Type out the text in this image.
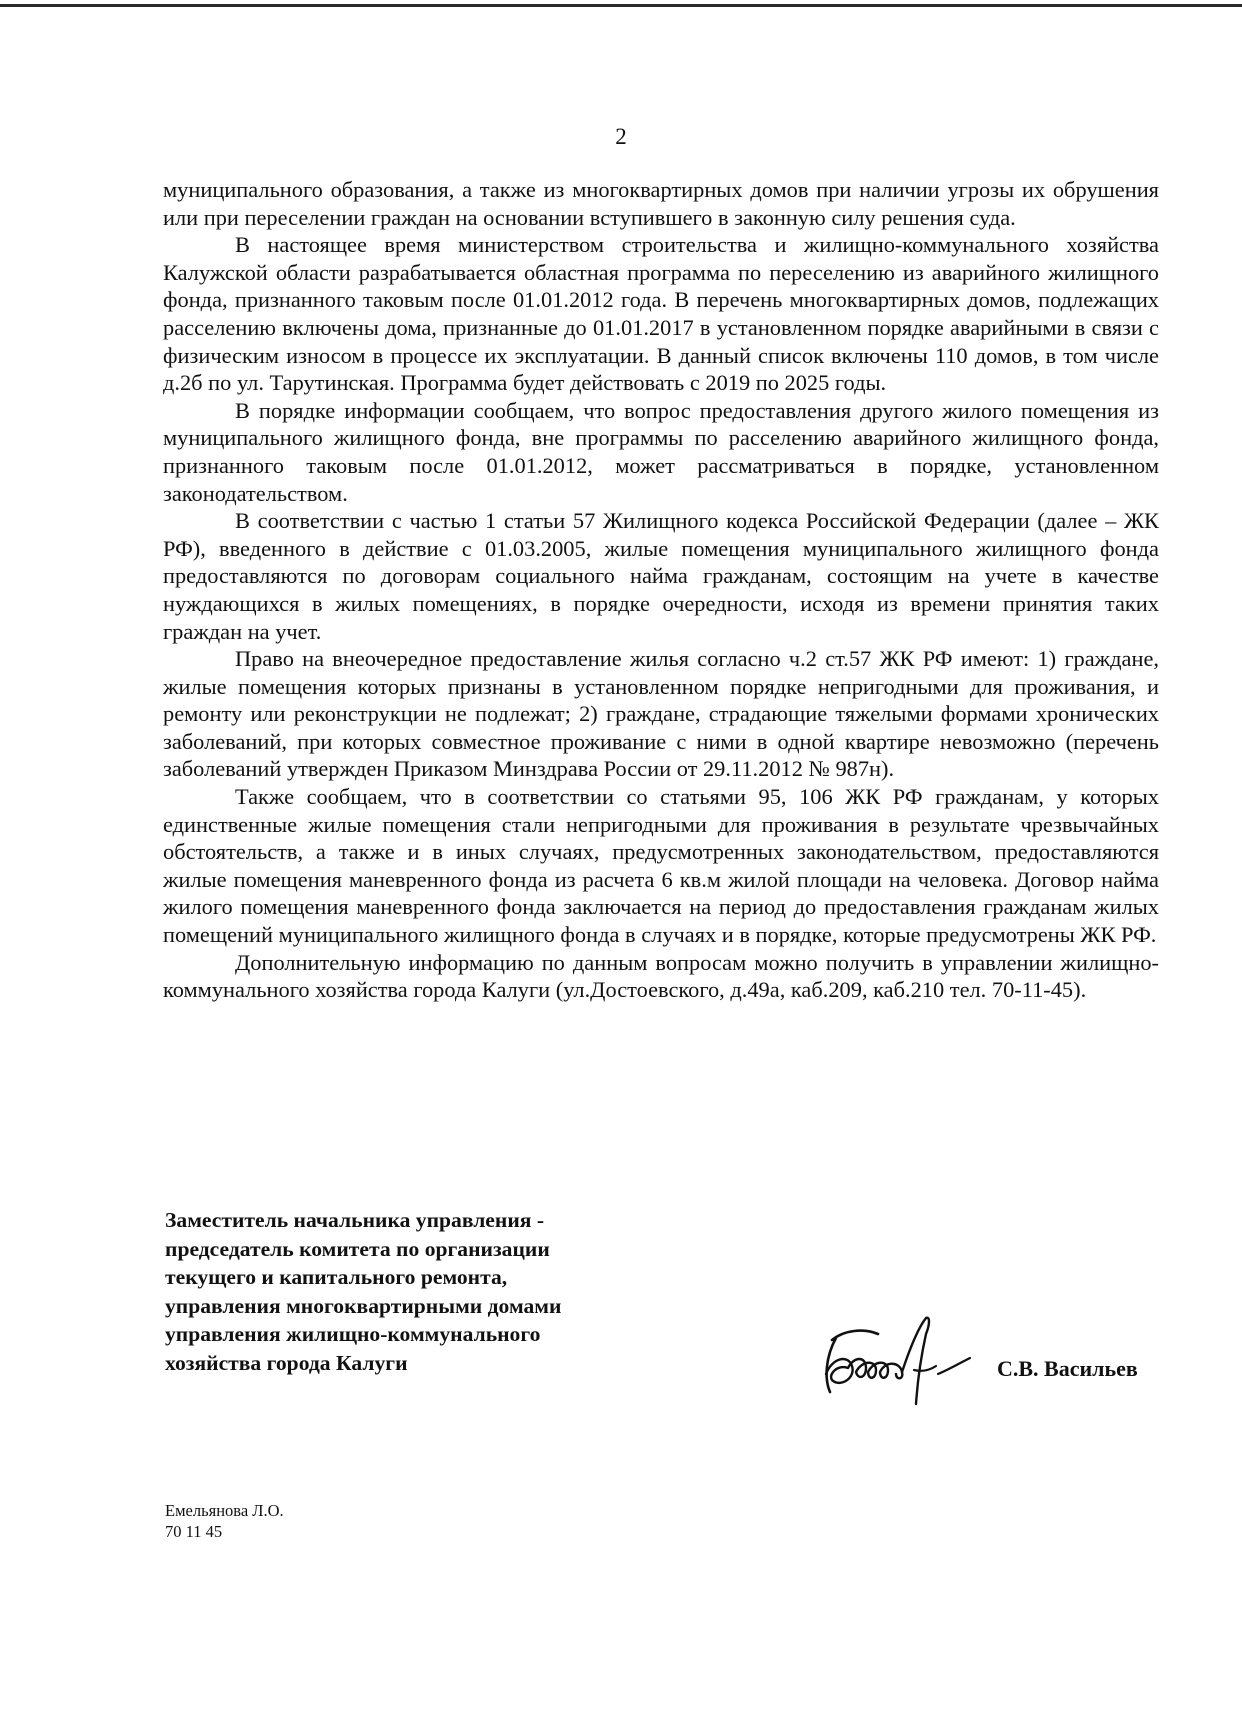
2

муниципального образования, а также из многоквартирных домов при наличии угрозы их обрушения или при переселении граждан на основании вступившего в законную силу решения суда.

В настоящее время министерством строительства и жилищно-коммунального хозяйства Калужской области разрабатывается областная программа по переселению из аварийного жилищного фонда, признанного таковым после 01.01.2012 года. В перечень многоквартирных домов, подлежащих расселению включены дома, признанные до 01.01.2017 в установленном порядке аварийными в связи с физическим износом в процессе их эксплуатации. В данный список включены 110 домов, в том числе д.2б по ул. Тарутинская. Программа будет действовать с 2019 по 2025 годы.

В порядке информации сообщаем, что вопрос предоставления другого жилого помещения из муниципального жилищного фонда, вне программы по расселению аварийного жилищного фонда, признанного таковым после 01.01.2012, может рассматриваться в порядке, установленном законодательством.

В соответствии с частью 1 статьи 57 Жилищного кодекса Российской Федерации (далее – ЖК РФ), введенного в действие с 01.03.2005, жилые помещения муниципального жилищного фонда предоставляются по договорам социального найма гражданам, состоящим на учете в качестве нуждающихся в жилых помещениях, в порядке очередности, исходя из времени принятия таких граждан на учет.

Право на внеочередное предоставление жилья согласно ч.2 ст.57 ЖК РФ имеют: 1) граждане, жилые помещения которых признаны в установленном порядке непригодными для проживания, и ремонту или реконструкции не подлежат; 2) граждане, страдающие тяжелыми формами хронических заболеваний, при которых совместное проживание с ними в одной квартире невозможно (перечень заболеваний утвержден Приказом Минздрава России от 29.11.2012 № 987н).

Также сообщаем, что в соответствии со статьями 95, 106 ЖК РФ гражданам, у которых единственные жилые помещения стали непригодными для проживания в результате чрезвычайных обстоятельств, а также и в иных случаях, предусмотренных законодательством, предоставляются жилые помещения маневренного фонда из расчета 6 кв.м жилой площади на человека. Договор найма жилого помещения маневренного фонда заключается на период до предоставления гражданам жилых помещений муниципального жилищного фонда в случаях и в порядке, которые предусмотрены ЖК РФ.

Дополнительную информацию по данным вопросам можно получить в управлении жилищно-коммунального хозяйства города Калуги (ул.Достоевского, д.49а, каб.209, каб.210 тел. 70-11-45).

Заместитель начальника управления -
председатель комитета по организации
текущего и капитального ремонта,
управления многоквартирными домами
управления жилищно-коммунального
хозяйства города Калуги	С.В. Васильев
Емельянова Л.О.
70 11 45
